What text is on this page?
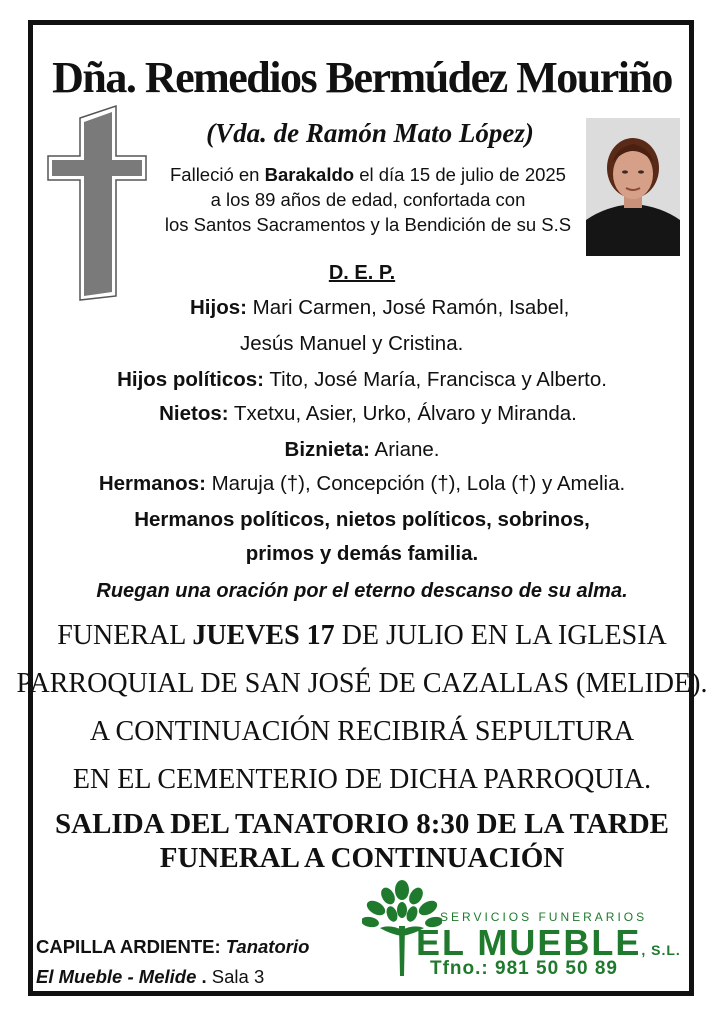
Dña. Remedios Bermúdez Mouriño
(Vda. de Ramón Mato López)
Falleció en Barakaldo el día 15 de julio de 2025
a los 89 años de edad, confortada con
los Santos Sacramentos y la Bendición de su S.S
D. E. P.
Hijos: Mari Carmen, José Ramón, Isabel,
Jesús Manuel y Cristina.
Hijos políticos: Tito, José María, Francisca y Alberto.
Nietos: Txetxu, Asier, Urko, Álvaro y Miranda.
Biznieta: Ariane.
Hermanos: Maruja (†), Concepción (†), Lola (†) y Amelia.
Hermanos políticos, nietos políticos, sobrinos,
primos y demás familia.
Ruegan una oración por el eterno descanso de su alma.
FUNERAL JUEVES 17 DE JULIO EN LA IGLESIA
PARROQUIAL DE SAN JOSÉ DE CAZALLAS (MELIDE).
A CONTINUACIÓN RECIBIRÁ SEPULTURA
EN EL CEMENTERIO DE DICHA PARROQUIA.
SALIDA DEL TANATORIO 8:30 DE LA TARDE
FUNERAL A CONTINUACIÓN
CAPILLA ARDIENTE: Tanatorio
El Mueble - Melide . Sala 3
SERVICIOS FUNERARIOS
EL MUEBLE, S.L.
Tfno.: 981 50 50 89
